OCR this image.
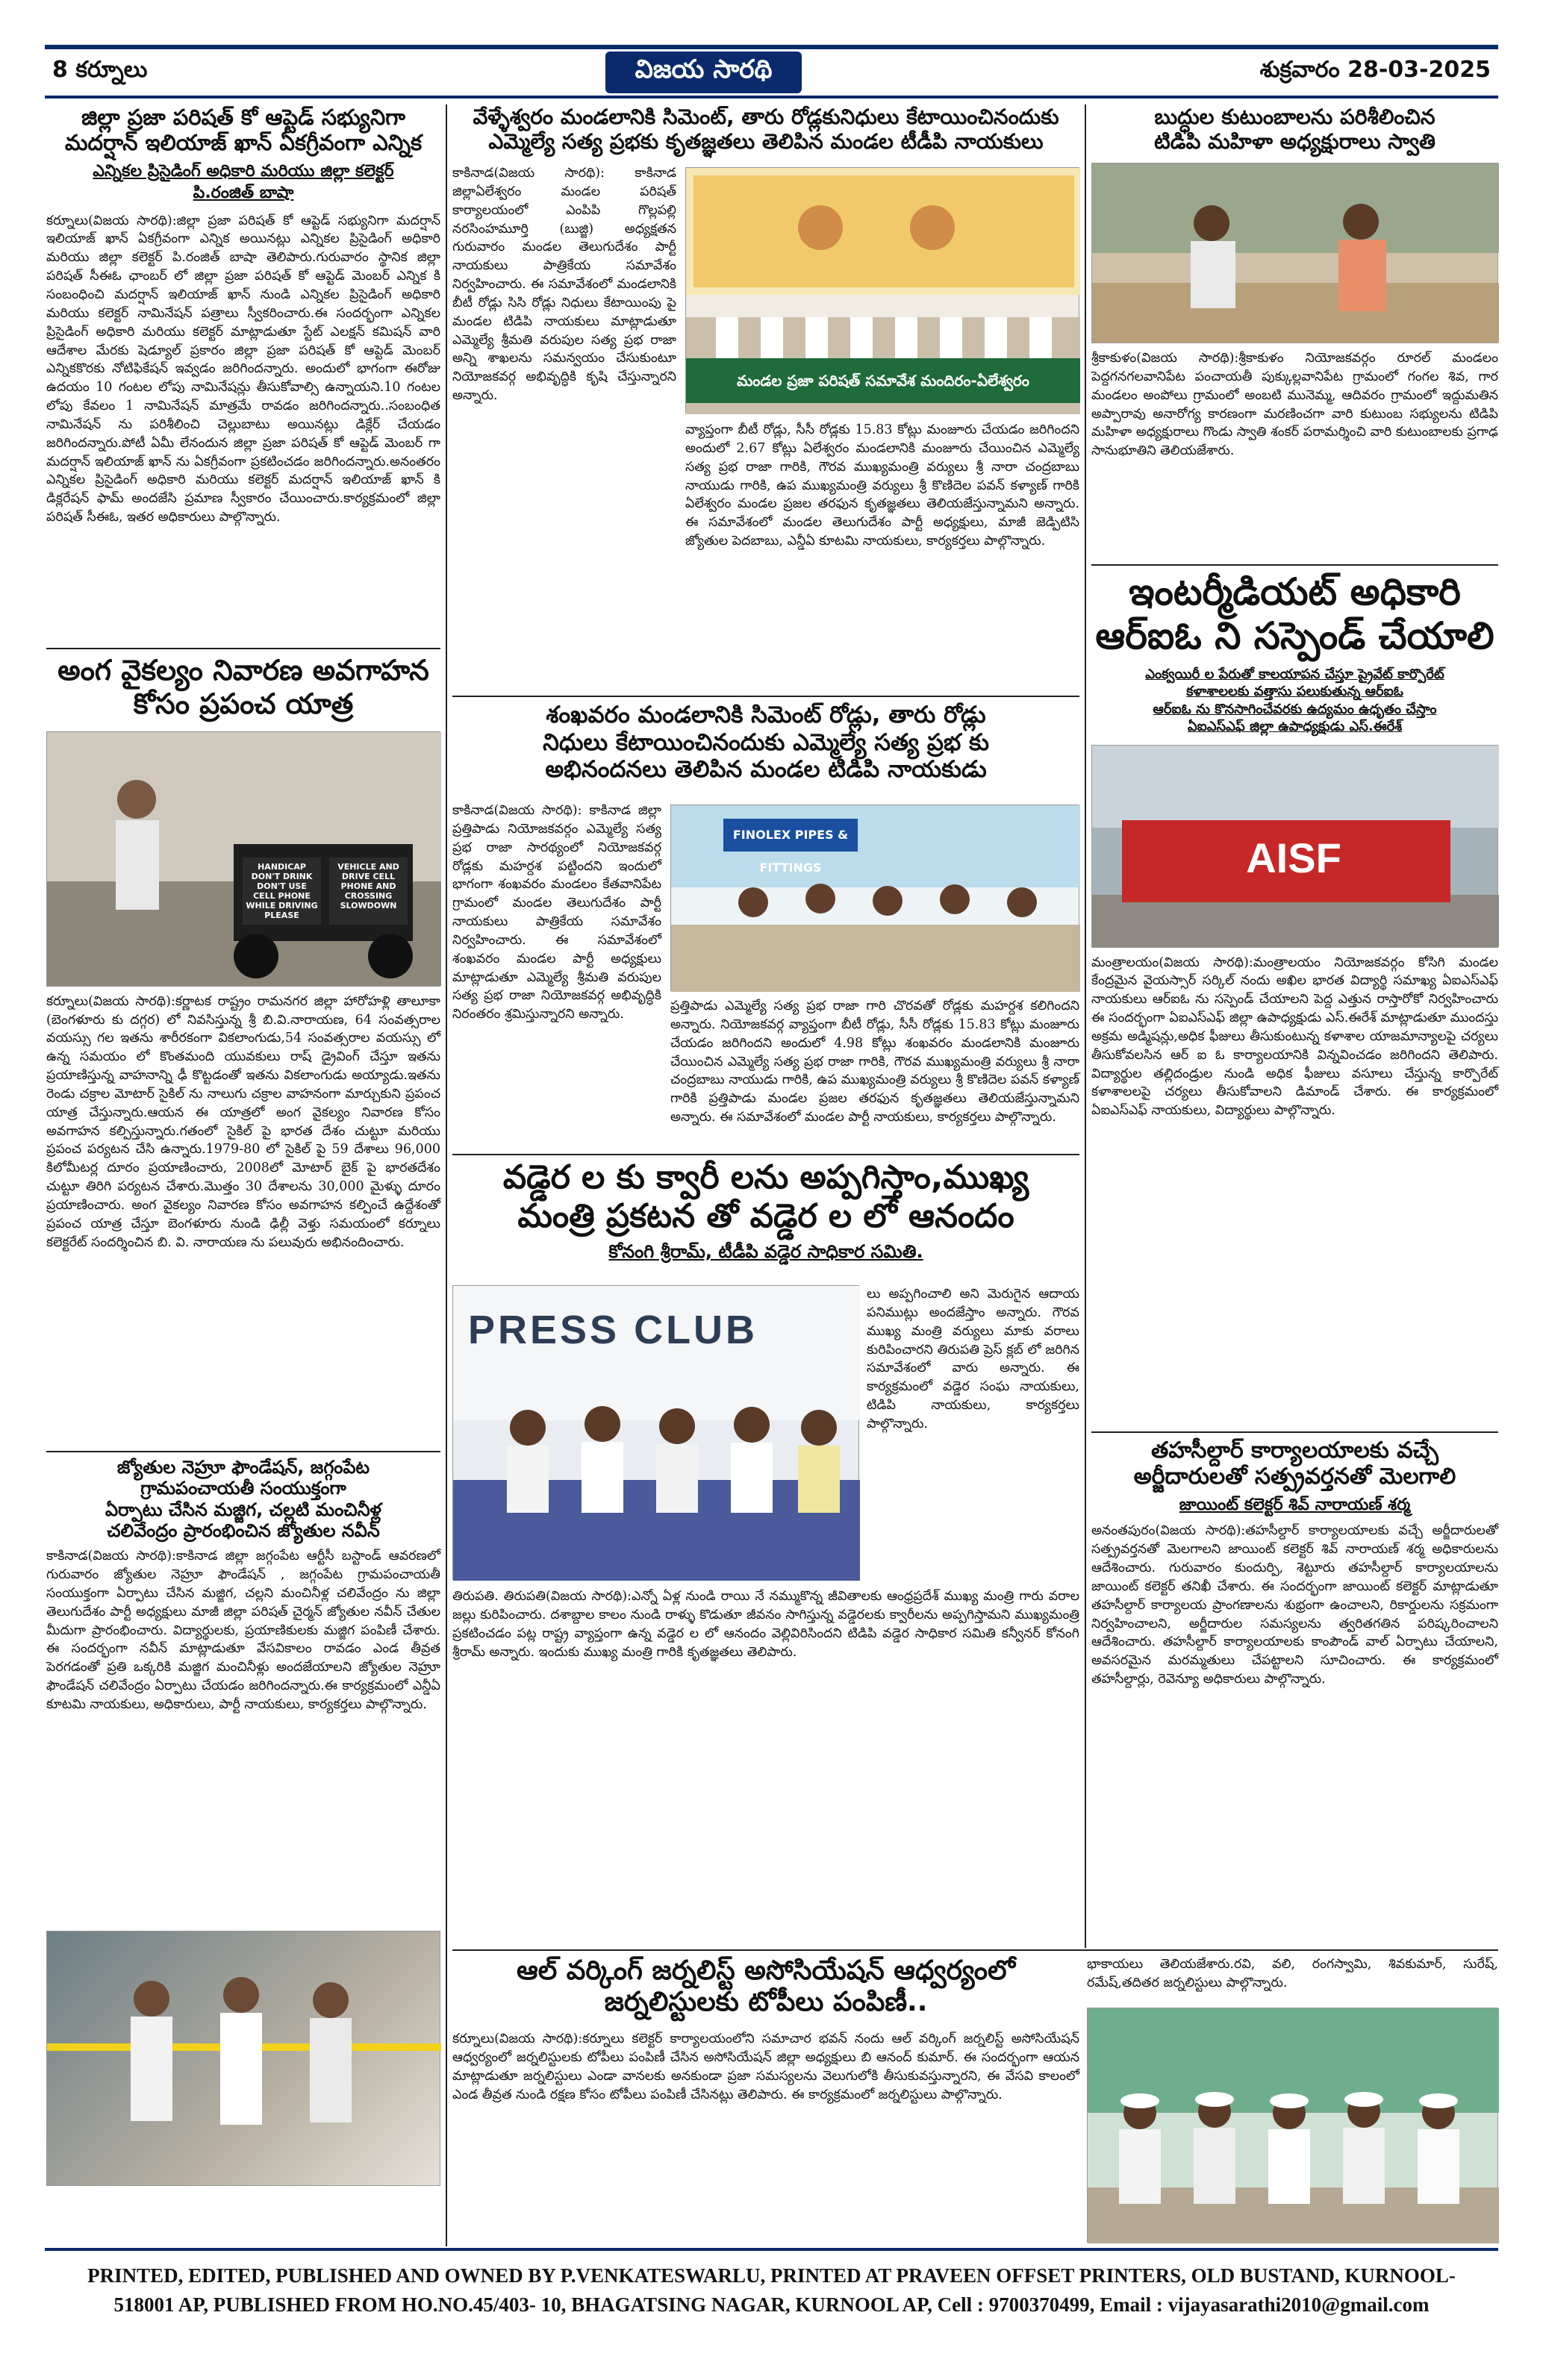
8 కర్నూలు	విజయ సారథి	శుక్రవారం 28-03-2025
జిల్లా ప్రజా పరిషత్ కో ఆప్టెడ్ సభ్యునిగా
మదర్షాన్ ఇలియాజ్ ఖాన్ ఏకగ్రీవంగా ఎన్నిక
ఎన్నికల ప్రిసైడింగ్ అధికారి మరియు జిల్లా కలెక్టర్
పి.రంజిత్ బాషా
కర్నూలు(విజయ సారథి):జిల్లా ప్రజా పరిషత్ కో ఆప్టెడ్ సభ్యునిగా మదర్షాన్ ఇలియాజ్ ఖాన్ ఏకగ్రీవంగా ఎన్నిక అయినట్లు ఎన్నికల ప్రిసైడింగ్ అధికారి మరియు జిల్లా కలెక్టర్ పి.రంజిత్ బాషా తెలిపారు.గురువారం స్థానిక జిల్లా పరిషత్ సీఈఓ ఛాంబర్ లో జిల్లా ప్రజా పరిషత్ కో ఆప్టెడ్ మెంబర్ ఎన్నిక కి సంబంధించి మదర్షాన్ ఇలియాజ్ ఖాన్ నుండి ఎన్నికల ప్రిసైడింగ్ అధికారి మరియు కలెక్టర్ నామినేషన్ పత్రాలు స్వీకరించారు.ఈ సందర్భంగా ఎన్నికల ప్రిసైడింగ్ అధికారి మరియు కలెక్టర్ మాట్లాడుతూ స్టేట్ ఎలక్షన్ కమిషన్ వారి ఆదేశాల మేరకు షెడ్యూల్ ప్రకారం జిల్లా ప్రజా పరిషత్ కో ఆప్టెడ్ మెంబర్ ఎన్నికకొరకు నోటిఫికేషన్ ఇవ్వడం జరిగిందన్నారు. అందులో భాగంగా ఈరోజు ఉదయం 10 గంటల లోపు నామినేషన్లు తీసుకోవాల్సి ఉన్నాయని.10 గంటల లోపు కేవలం 1 నామినేషన్ మాత్రమే రావడం జరిగిందన్నారు..సంబంధిత నామినేషన్ ను పరిశీలించి చెల్లుబాటు అయినట్లు డిక్లేర్ చేయడం జరిగిందన్నారు.పోటీ ఏమీ లేనందున జిల్లా ప్రజా పరిషత్ కో ఆప్టెడ్ మెంబర్ గా మదర్షాన్ ఇలియాజ్ ఖాన్ ను ఏకగ్రీవంగా ప్రకటించడం జరిగిందన్నారు.అనంతరం ఎన్నికల ప్రిసైడింగ్ అధికారి మరియు కలెక్టర్ మదర్షాన్ ఇలియాజ్ ఖాన్ కి డిక్లరేషన్ ఫామ్ అందజేసి ప్రమాణ స్వీకారం చేయించారు.కార్యక్రమంలో జిల్లా పరిషత్ సీఈఓ, ఇతర అధికారులు పాల్గొన్నారు.
అంగ వైకల్యం నివారణ అవగాహన
కోసం ప్రపంచ యాత్ర
HANDICAP DON'T DRINK DON'T USE CELL PHONE WHILE DRIVING PLEASE
VEHICLE AND DRIVE CELL PHONE AND CROSSING SLOWDOWN
కర్నూలు(విజయ సారథి):కర్ణాటక రాష్ట్రం రామనగర జిల్లా హారోహళ్లి తాలూకా (బెంగళూరు కు దగ్గర) లో నివసిస్తున్న శ్రీ బి.వి.నారాయణ, 64 సంవత్సరాల వయస్సు గల ఇతను శారీరకంగా వికలాంగుడు,54 సంవత్సరాల వయస్సు లో ఉన్న సమయం లో కొంతమంది యువకులు రాష్ డ్రైవింగ్ చేస్తూ ఇతను ప్రయాణిస్తున్న వాహనాన్ని ఢీ కొట్టడంతో ఇతను వికలాంగుడు అయ్యాడు.ఇతను రెండు చక్రాల మోటార్ సైకిల్ ను నాలుగు చక్రాల వాహనంగా మార్చుకుని ప్రపంచ యాత్ర చేస్తున్నారు.ఆయన ఈ యాత్రలో అంగ వైకల్యం నివారణ కోసం అవగాహన కల్పిస్తున్నారు.గతంలో సైకిల్ పై భారత దేశం చుట్టూ మరియు ప్రపంచ పర్యటన చేసి ఉన్నారు.1979-80 లో సైకిల్ పై 59 దేశాలు 96,000 కిలోమీటర్ల దూరం ప్రయాణించారు, 2008లో మోటార్ బైక్ పై భారతదేశం చుట్టూ తిరిగి పర్యటన చేశారు.మొత్తం 30 దేశాలను 30,000 మైళ్ళు దూరం ప్రయాణించారు. అంగ వైకల్యం నివారణ కోసం అవగాహన కల్పించే ఉద్దేశంతో ప్రపంచ యాత్ర చేస్తూ బెంగళూరు నుండి ఢిల్లీ వెళ్తు సమయంలో కర్నూలు కలెక్టరేట్ సందర్శించిన బి. వి. నారాయణ ను పలువురు అభినందించారు.
జ్యోతుల నెహ్రూ ఫౌండేషన్, జగ్గంపేట
గ్రామపంచాయతీ సంయుక్తంగా
ఏర్పాటు చేసిన మజ్జిగ, చల్లటి మంచినీళ్ల
చలివేంద్రం ప్రారంభించిన జ్యోతుల నవీన్
కాకినాడ(విజయ సారథి):కాకినాడ జిల్లా జగ్గంపేట ఆర్టీసీ బస్టాండ్ ఆవరణలో గురువారం జ్యోతుల నెహ్రూ ఫౌండేషన్ , జగ్గంపేట గ్రామపంచాయతీ సంయుక్తంగా ఏర్పాటు చేసిన మజ్జిగ, చల్లని మంచినీళ్ల చలివేంద్రం ను జిల్లా తెలుగుదేశం పార్టీ అధ్యక్షులు మాజీ జిల్లా పరిషత్ చైర్మన్ జ్యోతుల నవీన్ చేతుల మీదుగా ప్రారంభించారు. విద్యార్థులకు, ప్రయాణికులకు మజ్జిగ పంపిణీ చేశారు. ఈ సందర్భంగా నవీన్ మాట్లాడుతూ వేసవికాలం రావడం ఎండ తీవ్రత పెరగడంతో ప్రతి ఒక్కరికి మజ్జిగ మంచినీళ్లు అందజేయాలని జ్యోతుల నెహ్రూ ఫౌండేషన్ చలివేంద్రం ఏర్పాటు చేయడం జరిగిందన్నారు.ఈ కార్యక్రమంలో ఎన్డీఏ కూటమి నాయకులు, అధికారులు, పార్టీ నాయకులు, కార్యకర్తలు పాల్గొన్నారు.
వేళ్ళేశ్వరం మండలానికి సిమెంట్, తారు రోడ్లకునిధులు కేటాయించినందుకు
ఎమ్మెల్యే సత్య ప్రభకు కృతజ్ఞతలు తెలిపిన మండల టీడీపి నాయకులు
కాకినాడ(విజయ సారథి): కాకినాడ జిల్లాఏలేశ్వరం మండల పరిషత్ కార్యాలయంలో ఎంపిపి గొల్లపల్లి నరసింహమూర్తి (బుజ్జి) అధ్యక్షతన గురువారం మండల తెలుగుదేశం పార్టీ నాయకులు పాత్రికేయ సమావేశం నిర్వహించారు. ఈ సమావేశంలో మండలానికి బీటీ రోడ్లు సిసి రోడ్లు నిధులు కేటాయింపు పై మండల టిడిపి నాయకులు మాట్లాడుతూ ఎమ్మెల్యే శ్రీమతి వరుపుల సత్య ప్రభ రాజా అన్ని శాఖలను సమన్వయం చేసుకుంటూ నియోజకవర్గ అభివృద్ధికి కృషి చేస్తున్నారని అన్నారు.
మండల ప్రజా పరిషత్ సమావేశ మందిరం-ఏలేశ్వరం
వ్యాప్తంగా బీటీ రోడ్లు, సీసీ రోడ్లకు 15.83 కోట్లు మంజూరు చేయడం జరిగిందని అందులో 2.67 కోట్లు ఏలేశ్వరం మండలానికి మంజూరు చేయించిన ఎమ్మెల్యే సత్య ప్రభ రాజా గారికి, గౌరవ ముఖ్యమంత్రి వర్యులు శ్రీ నారా చంద్రబాబు నాయుడు గారికి, ఉప ముఖ్యమంత్రి వర్యులు శ్రీ కొణిదెల పవన్ కళ్యాణ్ గారికి ఏలేశ్వరం మండల ప్రజల తరఫున కృతజ్ఞతలు తెలియజేస్తున్నామని అన్నారు. ఈ సమావేశంలో మండల తెలుగుదేశం పార్టీ అధ్యక్షులు, మాజీ జెడ్పిటిసి జ్యోతుల పెదబాబు, ఎన్డీఏ కూటమి నాయకులు, కార్యకర్తలు పాల్గొన్నారు.
శంఖవరం మండలానికి సిమెంట్ రోడ్లు, తారు రోడ్లు
నిధులు కేటాయించినందుకు ఎమ్మెల్యే సత్య ప్రభ కు
అభినందనలు తెలిపిన మండల టిడిపి నాయకుడు
కాకినాడ(విజయ సారథి): కాకినాడ జిల్లా ప్రత్తిపాడు నియోజకవర్గం ఎమ్మెల్యే సత్య ప్రభ రాజా సారథ్యంలో నియోజకవర్గ రోడ్లకు మహర్దశ పట్టిందని ఇందులో భాగంగా శంఖవరం మండలం కేతవానిపేట గ్రామంలో మండల తెలుగుదేశం పార్టీ నాయకులు పాత్రికేయ సమావేశం నిర్వహించారు. ఈ సమావేశంలో శంఖవరం మండల పార్టీ అధ్యక్షులు మాట్లాడుతూ ఎమ్మెల్యే శ్రీమతి వరుపుల సత్య ప్రభ రాజా నియోజకవర్గ అభివృద్ధికి నిరంతరం శ్రమిస్తున్నారని అన్నారు.
FINOLEX PIPES & FITTINGS
ప్రత్తిపాడు ఎమ్మెల్యే సత్య ప్రభ రాజా గారి చొరవతో రోడ్లకు మహర్దశ కలిగిందని అన్నారు. నియోజకవర్గ వ్యాప్తంగా బీటీ రోడ్లు, సీసీ రోడ్లకు 15.83 కోట్లు మంజూరు చేయడం జరిగిందని అందులో 4.98 కోట్లు శంఖవరం మండలానికి మంజూరు చేయించిన ఎమ్మెల్యే సత్య ప్రభ రాజా గారికి, గౌరవ ముఖ్యమంత్రి వర్యులు శ్రీ నారా చంద్రబాబు నాయుడు గారికి, ఉప ముఖ్యమంత్రి వర్యులు శ్రీ కొణిదెల పవన్ కళ్యాణ్ గారికి ప్రత్తిపాడు మండల ప్రజల తరఫున కృతజ్ఞతలు తెలియజేస్తున్నామని అన్నారు. ఈ సమావేశంలో మండల పార్టీ నాయకులు, కార్యకర్తలు పాల్గొన్నారు.
వడ్డెర ల కు క్వారీ లను అప్పగిస్తాం,ముఖ్య
మంత్రి ప్రకటన తో వడ్డెర ల లో ఆనందం
కోనంగి శ్రీరామ్, టీడీపి వడ్డెర సాధికార సమితి.
PRESS CLUB
లు అప్పగించాలి అని మెరుగైన ఆదాయ పనిముట్లు అందజేస్తాం అన్నారు. గౌరవ ముఖ్య మంత్రి వర్యులు మాకు వరాలు కురిపించారని తిరుపతి ప్రెస్ క్లబ్ లో జరిగిన సమావేశంలో వారు అన్నారు. ఈ కార్యక్రమంలో వడ్డెర సంఘ నాయకులు, టిడిపి నాయకులు, కార్యకర్తలు పాల్గొన్నారు.
తిరుపతి. తిరుపతి(విజయ సారథి):ఎన్నో ఏళ్ల నుండి రాయి నే నమ్ముకొన్న జీవితాలకు ఆంధ్రప్రదేశ్ ముఖ్య మంత్రి గారు వరాల జల్లు కురిపించారు. దశాబ్దాల కాలం నుండి రాళ్ళు కొడుతూ జీవనం సాగిస్తున్న వడ్డెరలకు క్వారీలను అప్పగిస్తామని ముఖ్యమంత్రి ప్రకటించడం పట్ల రాష్ట్ర వ్యాప్తంగా ఉన్న వడ్డెర ల లో ఆనందం వెల్లివిరిసిందని టిడిపి వడ్డెర సాధికార సమితి కన్వీనర్ కోనంగి శ్రీరామ్ అన్నారు. ఇందుకు ముఖ్య మంత్రి గారికి కృతజ్ఞతలు తెలిపారు.
బుద్ధుల కుటుంబాలను పరిశీలించిన
టిడిపి మహిళా అధ్యక్షురాలు స్వాతి
శ్రీకాకుళం(విజయ సారథి):శ్రీకాకుళం నియోజకవర్గం రూరల్ మండలం పెద్దగనగలవానిపేట పంచాయతీ పుక్కుల్లవానిపేట గ్రామంలో గంగల శివ, గార మండలం అంపోలు గ్రామంలో అంబటి మునెమ్మ, ఆదివరం గ్రామంలో ఇద్దుమతిన అప్పారావు అనారోగ్య కారణంగా మరణించగా వారి కుటుంబ సభ్యులను టిడిపి మహిళా అధ్యక్షురాలు గొండు స్వాతి శంకర్ పరామర్శించి వారి కుటుంబాలకు ప్రగాఢ సానుభూతిని తెలియజేశారు.
ఇంటర్మీడియట్ అధికారి
ఆర్ఐఓ ని సస్పెండ్ చేయాలి
ఎంక్వయిరీ ల పేరుతో కాలయాపన చేస్తూ ప్రైవేట్ కార్పొరేట్
కళాశాలలకు వత్తాసు పలుకుతున్న ఆర్ఐఓ
ఆర్ఐఓ ను కొనసాగించేవరకు ఉద్యమం ఉధృతం చేస్తాం
ఏఐఎస్ఎఫ్ జిల్లా ఉపాధ్యక్షుడు ఎస్.ఈరేశ్
AISF
మంత్రాలయం(విజయ సారథి):మంత్రాలయం నియోజకవర్గం కోసిగి మండల కేంద్రమైన వైయస్సార్ సర్కిల్ నందు అఖిల భారత విద్యార్థి సమాఖ్య ఏఐఎస్ఎఫ్ నాయకులు ఆర్ఐఓ ను సస్పెండ్ చేయాలని పెద్ద ఎత్తున రాస్తారోకో నిర్వహించారు ఈ సందర్భంగా ఏఐఎస్ఎఫ్ జిల్లా ఉపాధ్యక్షుడు ఎస్.ఈరేశ్ మాట్లాడుతూ ముందస్తు అక్రమ అడ్మిషన్లు,అధిక ఫీజులు తీసుకుంటున్న కళాశాల యాజమాన్యాలపై చర్యలు తీసుకోవలసిన ఆర్ ఐ ఓ కార్యాలయానికి విన్నవించడం జరిగిందని తెలిపారు. విద్యార్థుల తల్లిదండ్రుల నుండి అధిక ఫీజులు వసూలు చేస్తున్న కార్పొరేట్ కళాశాలలపై చర్యలు తీసుకోవాలని డిమాండ్ చేశారు. ఈ కార్యక్రమంలో ఏఐఎస్ఎఫ్ నాయకులు, విద్యార్థులు పాల్గొన్నారు.
తహసీల్దార్ కార్యాలయాలకు వచ్చే
అర్జీదారులతో సత్ప్రవర్తనతో మెలగాలి
జాయింట్ కలెక్టర్ శివ్ నారాయణ్ శర్మ
అనంతపురం(విజయ సారథి):తహసీల్దార్ కార్యాలయాలకు వచ్చే అర్జీదారులతో సత్ప్రవర్తనతో మెలగాలని జాయింట్ కలెక్టర్ శివ్ నారాయణ్ శర్మ అధికారులను ఆదేశించారు. గురువారం కుందుర్పి, శెట్టూరు తహసీల్దార్ కార్యాలయాలను జాయింట్ కలెక్టర్ తనిఖీ చేశారు. ఈ సందర్భంగా జాయింట్ కలెక్టర్ మాట్లాడుతూ తహసీల్దార్ కార్యాలయ ప్రాంగణాలను శుభ్రంగా ఉంచాలని, రికార్డులను సక్రమంగా నిర్వహించాలని, అర్జీదారుల సమస్యలను త్వరితగతిన పరిష్కరించాలని ఆదేశించారు. తహసీల్దార్ కార్యాలయాలకు కాంపౌండ్ వాల్ ఏర్పాటు చేయాలని, అవసరమైన మరమ్మతులు చేపట్టాలని సూచించారు. ఈ కార్యక్రమంలో తహసీల్దార్లు, రెవెన్యూ అధికారులు పాల్గొన్నారు.
ఆల్ వర్కింగ్ జర్నలిస్ట్ అసోసియేషన్ ఆధ్వర్యంలో
జర్నలిస్టులకు టోపీలు పంపిణీ..
కర్నూలు(విజయ సారథి):కర్నూలు కలెక్టర్ కార్యాలయంలోని సమాచార భవన్ నందు ఆల్ వర్కింగ్ జర్నలిస్ట్ అసోసియేషన్ ఆధ్వర్యంలో జర్నలిస్టులకు టోపీలు పంపిణీ చేసిన అసోసియేషన్ జిల్లా అధ్యక్షులు బి ఆనంద్ కుమార్. ఈ సందర్భంగా ఆయన మాట్లాడుతూ జర్నలిస్టులు ఎండా వానలకు అనకుండా ప్రజా సమస్యలను వెలుగులోకి తీసుకువస్తున్నారని, ఈ వేసవి కాలంలో ఎండ తీవ్రత నుండి రక్షణ కోసం టోపీలు పంపిణీ చేసినట్లు తెలిపారు. ఈ కార్యక్రమంలో జర్నలిస్టులు పాల్గొన్నారు.
భాకాయలు తెలియజేశారు.రవి, వలి, రంగస్వామి, శివకుమార్, సురేష్, రమేష్,తదితర జర్నలిస్టులు పాల్గొన్నారు.
PRINTED, EDITED, PUBLISHED AND OWNED BY P.VENKATESWARLU, PRINTED AT PRAVEEN OFFSET PRINTERS, OLD BUSTAND, KURNOOL-
518001 AP, PUBLISHED FROM HO.NO.45/403- 10, BHAGATSING NAGAR, KURNOOL AP, Cell : 9700370499, Email : vijayasarathi2010@gmail.com
